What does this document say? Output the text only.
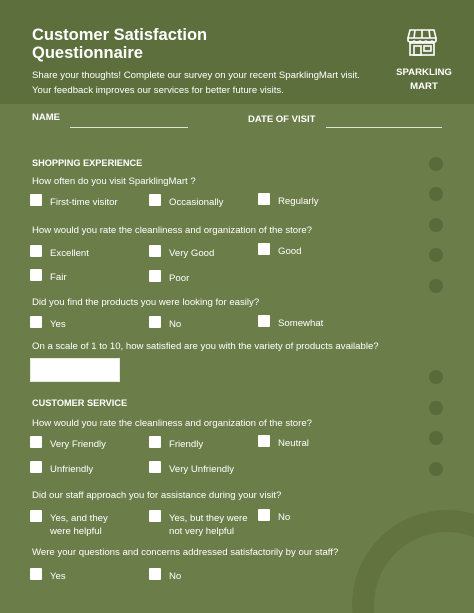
Customer Satisfaction
Questionnaire
Share your thoughts! Complete our survey on your recent SparklingMart visit.
Your feedback improves our services for better future visits.
SPARKLING
MART
NAME	DATE OF VISIT
SHOPPING EXPERIENCE
How often do you visit SparklingMart ?
First-time visitor	Occasionally	Regularly
How would you rate the cleanliness and organization of the store?
Excellent	Very Good	Good
Fair	Poor
Did you find the products you were looking for easily?
Yes	No	Somewhat
On a scale of 1 to 10, how satisfied are you with the variety of products available?
CUSTOMER SERVICE
How would you rate the cleanliness and organization of the store?
Very Friendly	Friendly	Neutral
Unfriendly	Very Unfriendly
Did our staff approach you for assistance during your visit?
Yes, and they
were helpful
Yes, but they were
not very helpful
No
Were your questions and concerns addressed satisfactorily by our staff?
Yes	No
